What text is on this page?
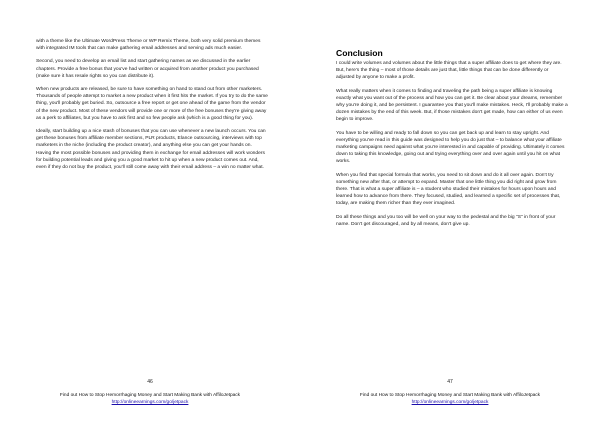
with a theme like the Ultimate WordPress Theme or WP Remix Theme, both very solid premium themes with integrated IM tools that can make gathering email addresses and serving ads much easier.

Second, you need to develop an email list and start gathering names as we discussed in the earlier chapters. Provide a free bonus that you've had written or acquired from another product you purchased (make sure it has resale rights so you can distribute it).

When new products are released, be sure to have something on hand to stand out from other marketers. Thousands of people attempt to market a new product when it first hits the market. If you try to do the same thing, you'll probably get buried. So, outsource a free report or get one ahead of the game from the vendor of the new product. Most of these vendors will provide one or more of the free bonuses they're giving away as a perk to affiliates, but you have to ask first and so few people ask (which is a good thing for you).

Ideally, start building up a nice stash of bonuses that you can use whenever a new launch occurs. You can get these bonuses from affiliate member sections, PLR products, Elance outsourcing, interviews with top marketers in the niche (including the product creator), and anything else you can get your hands on. Having the most possible bonuses and providing them in exchange for email addresses will work wonders for building potential leads and giving you a good market to hit up when a new product comes out. And, even if they do not buy the product, you'll still come away with their email address – a win no matter what.

46
Find out How to Stop Hemorrhaging Money and Start Making Bank with AffiloJetpack
http://onlineearnings.com/go/jetpack
Conclusion

I could write volumes and volumes about the little things that a super affiliate does to get where they are. But, here's the thing – most of those details are just that, little things that can be done differently or adjusted by anyone to make a profit.

What really matters when it comes to finding and traveling the path being a super affiliate is knowing exactly what you want out of the process and how you can get it. Be clear about your dreams, remember why you're doing it, and be persistent. I guarantee you that you'll make mistakes. Heck, I'll probably make a dozen mistakes by the end of this week. But, if those mistakes don't get made, how can either of us even begin to improve.

You have to be willing and ready to fall down so you can get back up and learn to stay upright. And everything you've read in this guide was designed to help you do just that – to balance what your affiliate marketing campaigns need against what you're interested in and capable of providing. Ultimately it comes down to taking this knowledge, going out and trying everything over and over again until you hit on what works.

When you find that special formula that works, you need to sit down and do it all over again. Don't try something new after that, or attempt to expand. Master that one little thing you did right and grow from there. That is what a super affiliate is – a student who studied their mistakes for hours upon hours and learned how to advance from there. They focused, studied, and learned a specific set of processes that, today, are making them richer than they ever imagined.

Do all these things and you too will be well on your way to the pedestal and the big "S" in front of your name. Don't get discouraged, and by all means, don't give up.

47
Find out How to Stop Hemorrhaging Money and Start Making Bank with AffiloJetpack
http://onlineearnings.com/go/jetpack
